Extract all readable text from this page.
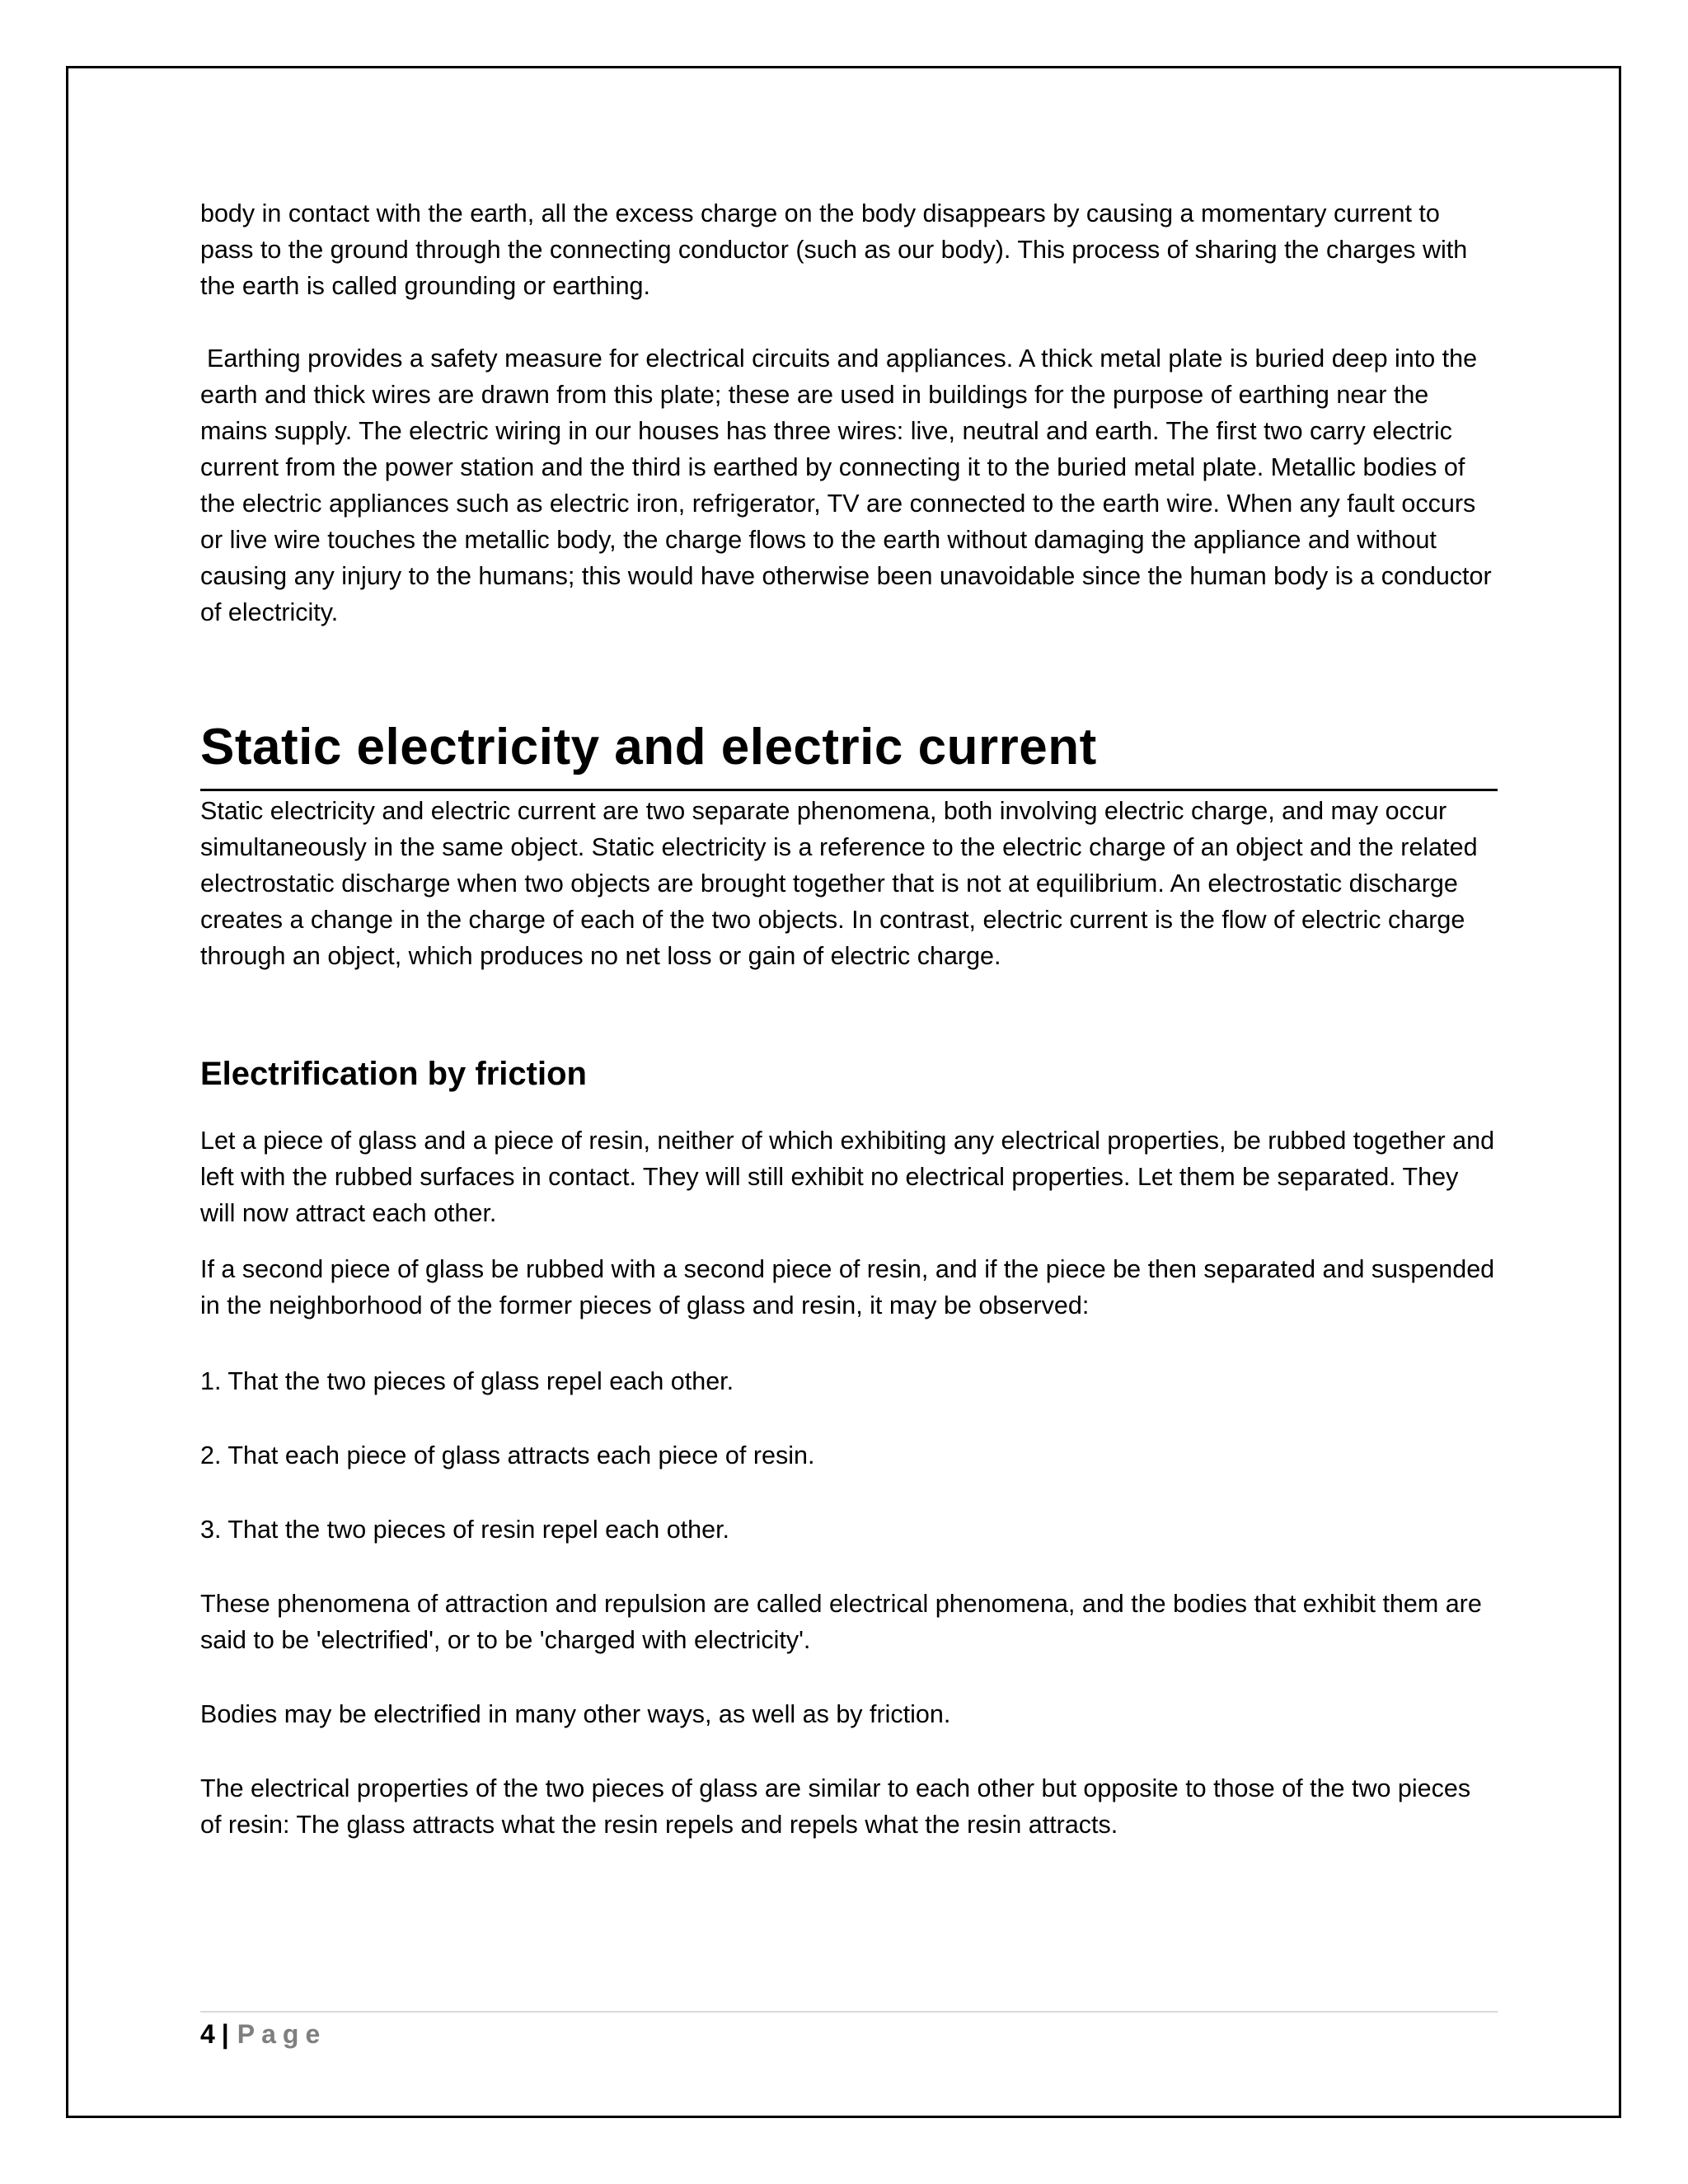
body in contact with the earth, all the excess charge on the body disappears by causing a momentary current to pass to the ground through the connecting conductor (such as our body). This process of sharing the charges with the earth is called grounding or earthing.

Earthing provides a safety measure for electrical circuits and appliances. A thick metal plate is buried deep into the earth and thick wires are drawn from this plate; these are used in buildings for the purpose of earthing near the mains supply. The electric wiring in our houses has three wires: live, neutral and earth. The first two carry electric current from the power station and the third is earthed by connecting it to the buried metal plate. Metallic bodies of the electric appliances such as electric iron, refrigerator, TV are connected to the earth wire. When any fault occurs or live wire touches the metallic body, the charge flows to the earth without damaging the appliance and without causing any injury to the humans; this would have otherwise been unavoidable since the human body is a conductor of electricity.

Static electricity and electric current

Static electricity and electric current are two separate phenomena, both involving electric charge, and may occur simultaneously in the same object. Static electricity is a reference to the electric charge of an object and the related electrostatic discharge when two objects are brought together that is not at equilibrium. An electrostatic discharge creates a change in the charge of each of the two objects. In contrast, electric current is the flow of electric charge through an object, which produces no net loss or gain of electric charge.

Electrification by friction

Let a piece of glass and a piece of resin, neither of which exhibiting any electrical properties, be rubbed together and left with the rubbed surfaces in contact. They will still exhibit no electrical properties. Let them be separated. They will now attract each other.

If a second piece of glass be rubbed with a second piece of resin, and if the piece be then separated and suspended in the neighborhood of the former pieces of glass and resin, it may be observed:

1. That the two pieces of glass repel each other.

2. That each piece of glass attracts each piece of resin.

3. That the two pieces of resin repel each other.

These phenomena of attraction and repulsion are called electrical phenomena, and the bodies that exhibit them are said to be 'electrified', or to be 'charged with electricity'.

Bodies may be electrified in many other ways, as well as by friction.

The electrical properties of the two pieces of glass are similar to each other but opposite to those of the two pieces of resin: The glass attracts what the resin repels and repels what the resin attracts.

4 | Page
